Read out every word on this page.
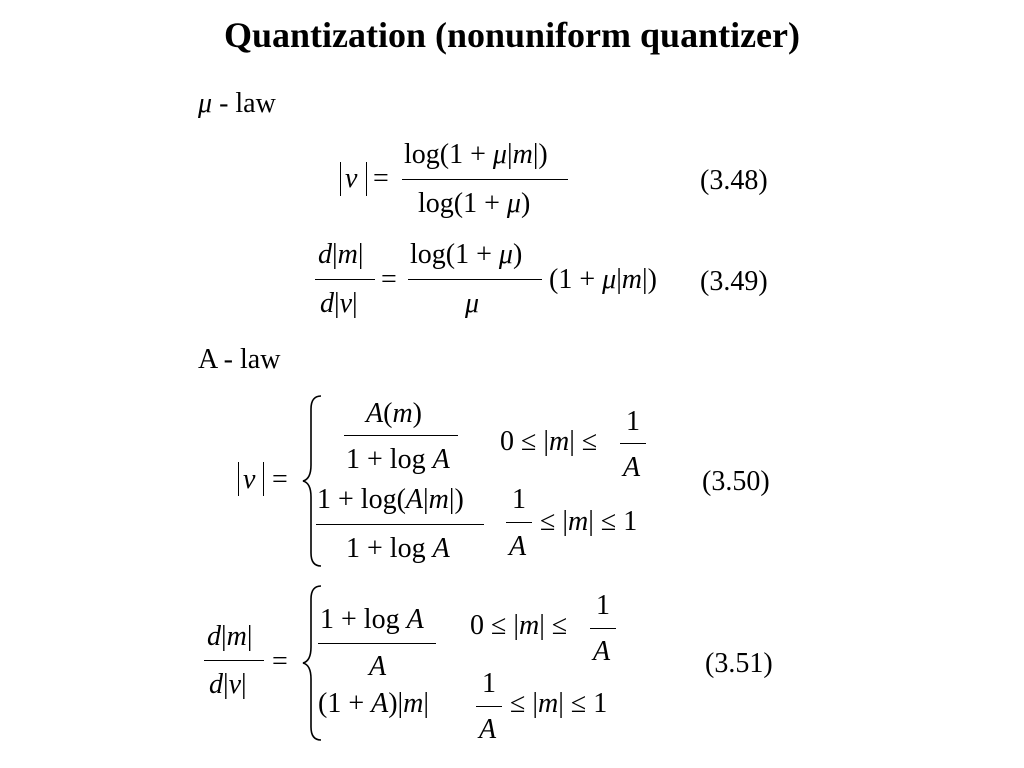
Quantization (nonuniform quantizer)
μ - law
ν =
log(1 + μ|m|)
log(1 + μ)
(3.48)
d|m|
d|ν|
=
log(1 + μ)
μ
(1 + μ|m|) (3.49)
A - law
ν =
A(m)
1 + log A
0 ≤ |m| ≤
1
A
1 + log(A|m|)
1 + log A
1
A
≤ |m| ≤ 1
(3.50)
d|m|
d|ν|
=
1 + log A
A
0 ≤ |m| ≤
1
A
(1 + A)|m|
1
A
≤ |m| ≤ 1
(3.51)
